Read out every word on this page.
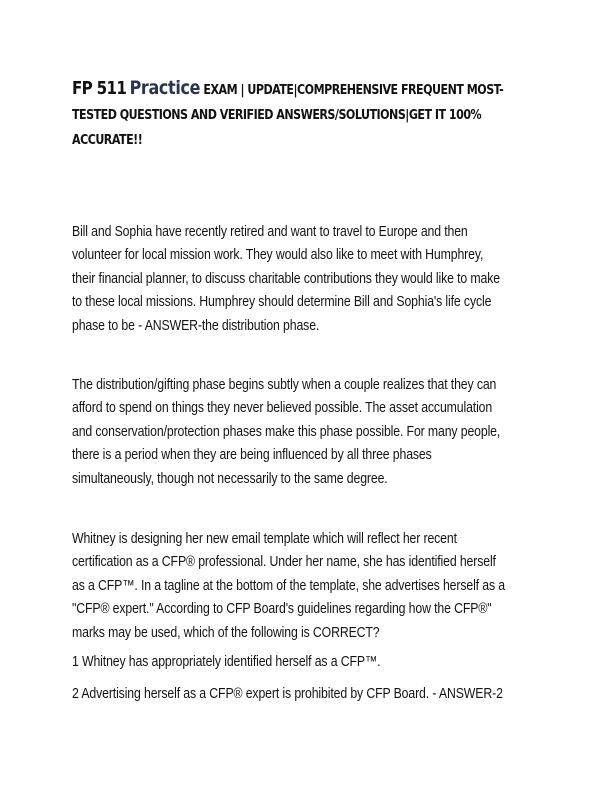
FP 511 Practice EXAM | UPDATE|COMPREHENSIVE FREQUENT MOST-
TESTED QUESTIONS AND VERIFIED ANSWERS/SOLUTIONS|GET IT 100%
ACCURATE!!
Bill and Sophia have recently retired and want to travel to Europe and then
volunteer for local mission work. They would also like to meet with Humphrey,
their financial planner, to discuss charitable contributions they would like to make
to these local missions. Humphrey should determine Bill and Sophia's life cycle
phase to be - ANSWER-the distribution phase.
The distribution/gifting phase begins subtly when a couple realizes that they can
afford to spend on things they never believed possible. The asset accumulation
and conservation/protection phases make this phase possible. For many people,
there is a period when they are being influenced by all three phases
simultaneously, though not necessarily to the same degree.
Whitney is designing her new email template which will reflect her recent
certification as a CFP® professional. Under her name, she has identified herself
as a CFP™. In a tagline at the bottom of the template, she advertises herself as a
"CFP® expert." According to CFP Board's guidelines regarding how the CFP®"
marks may be used, which of the following is CORRECT?
1 Whitney has appropriately identified herself as a CFP™.
2 Advertising herself as a CFP® expert is prohibited by CFP Board. - ANSWER-2
